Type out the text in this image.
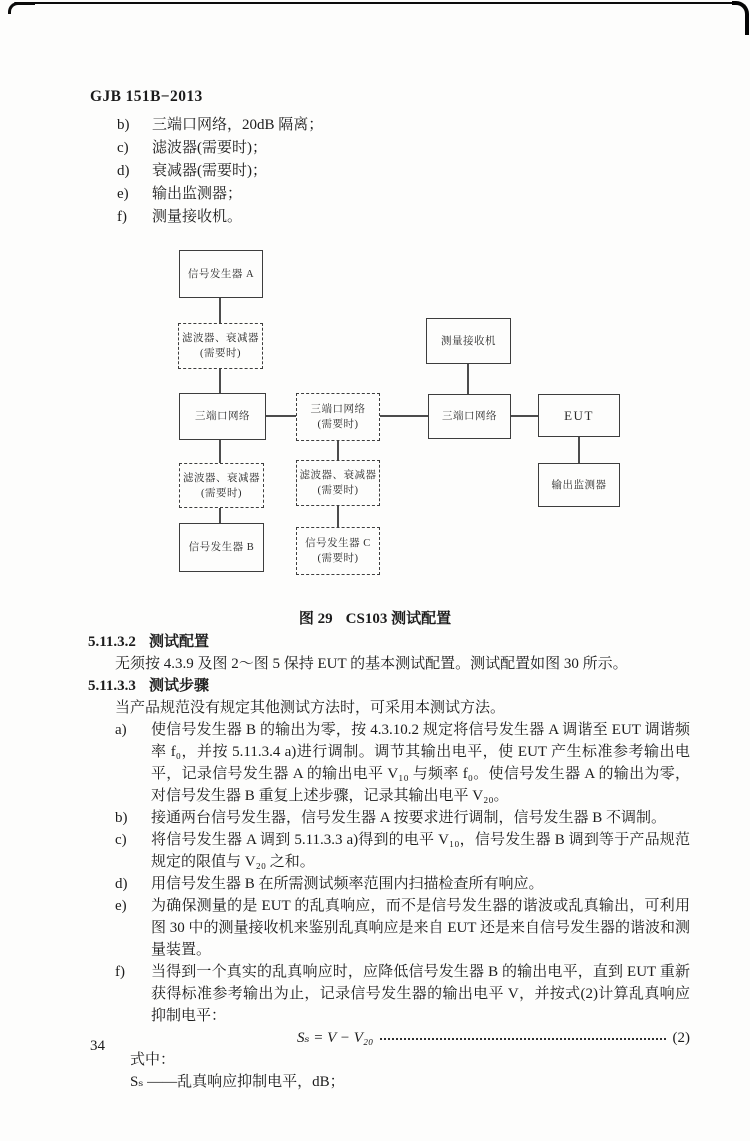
GJB 151B−2013
b)	三端口网络，20dB 隔离；
c)	滤波器(需要时)；
d)	衰减器(需要时)；
e)	输出监测器；
f)	测量接收机。
信号发生器 A
滤波器、衰减器
(需要时)
三端口网络
三端口网络
(需要时)
测量接收机
三端口网络	EUT
输出监测器
滤波器、衰减器
(需要时)
信号发生器 B
滤波器、衰减器
(需要时)
信号发生器 C
(需要时)
图 29 CS103 测试配置
5.11.3.2 测试配置
无须按 4.3.9 及图 2～图 5 保持 EUT 的基本测试配置。测试配置如图 30 所示。
5.11.3.3 测试步骤
当产品规范没有规定其他测试方法时，可采用本测试方法。
a)	使信号发生器 B 的输出为零，按 4.3.10.2 规定将信号发生器 A 调谐至 EUT 调谐频率 f₀，并按 5.11.3.4 a)进行调制。调节其输出电平，使 EUT 产生标准参考输出电平，记录信号发生器 A 的输出电平 V₁₀ 与频率 f₀。使信号发生器 A 的输出为零，对信号发生器 B 重复上述步骤，记录其输出电平 V₂₀。
b)	接通两台信号发生器，信号发生器 A 按要求进行调制，信号发生器 B 不调制。
c)	将信号发生器 A 调到 5.11.3.3 a)得到的电平 V₁₀，信号发生器 B 调到等于产品规范规定的限值与 V₂₀ 之和。
d)	用信号发生器 B 在所需测试频率范围内扫描检查所有响应。
e)	为确保测量的是 EUT 的乱真响应，而不是信号发生器的谐波或乱真输出，可利用图 30 中的测量接收机来鉴别乱真响应是来自 EUT 还是来自信号发生器的谐波和测量装置。
f)	当得到一个真实的乱真响应时，应降低信号发生器 B 的输出电平，直到 EUT 重新获得标准参考输出为止，记录信号发生器的输出电平 V，并按式(2)计算乱真响应抑制电平：
Sₛ = V − V₂₀	(2)
式中：
Sₛ ——乱真响应抑制电平，dB；
34
